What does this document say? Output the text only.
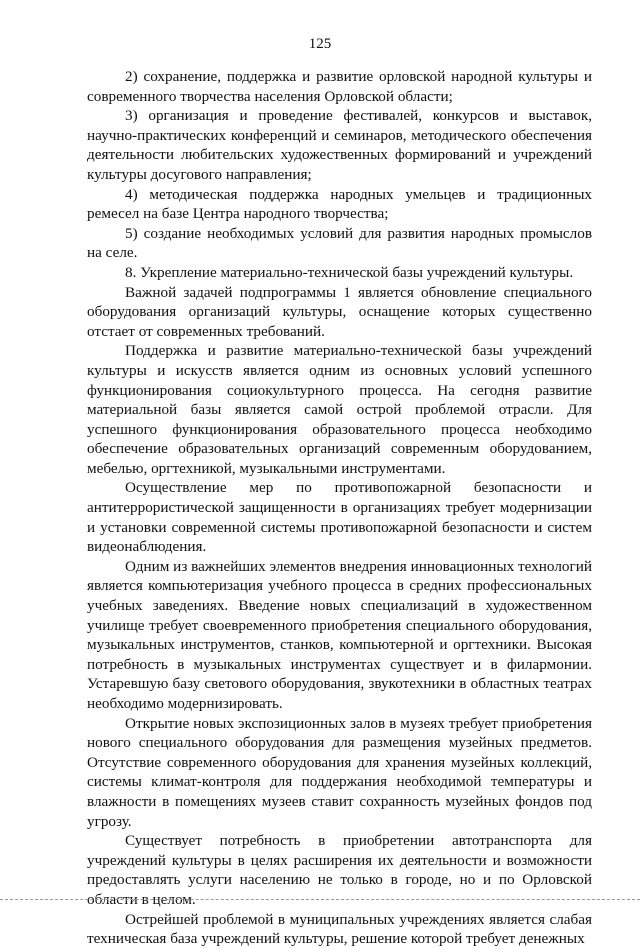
125

2) сохранение, поддержка и развитие орловской народной культуры и современного творчества населения Орловской области;

3) организация и проведение фестивалей, конкурсов и выставок, научно-практических конференций и семинаров, методического обеспечения деятельности любительских художественных формирований и учреждений культуры досугового направления;

4) методическая поддержка народных умельцев и традиционных ремесел на базе Центра народного творчества;

5) создание необходимых условий для развития народных промыслов на селе.

8. Укрепление материально-технической базы учреждений культуры.

Важной задачей подпрограммы 1 является обновление специального оборудования организаций культуры, оснащение которых существенно отстает от современных требований.

Поддержка и развитие материально-технической базы учреждений культуры и искусств является одним из основных условий успешного функционирования социокультурного процесса. На сегодня развитие материальной базы является самой острой проблемой отрасли. Для успешного функционирования образовательного процесса необходимо обеспечение образовательных организаций современным оборудованием, мебелью, оргтехникой, музыкальными инструментами.

Осуществление мер по противопожарной безопасности и антитеррористической защищенности в организациях требует модернизации и установки современной системы противопожарной безопасности и систем видеонаблюдения.

Одним из важнейших элементов внедрения инновационных технологий является компьютеризация учебного процесса в средних профессиональных учебных заведениях. Введение новых специализаций в художественном училище требует своевременного приобретения специального оборудования, музыкальных инструментов, станков, компьютерной и оргтехники. Высокая потребность в музыкальных инструментах существует и в филармонии. Устаревшую базу светового оборудования, звукотехники в областных театрах необходимо модернизировать.

Открытие новых экспозиционных залов в музеях требует приобретения нового специального оборудования для размещения музейных предметов. Отсутствие современного оборудования для хранения музейных коллекций, системы климат-контроля для поддержания необходимой температуры и влажности в помещениях музеев ставит сохранность музейных фондов под угрозу.

Существует потребность в приобретении автотранспорта для учреждений культуры в целях расширения их деятельности и возможности предоставлять услуги населению не только в городе, но и по Орловской области в целом.

Острейшей проблемой в муниципальных учреждениях является слабая техническая база учреждений культуры, решение которой требует денежных
